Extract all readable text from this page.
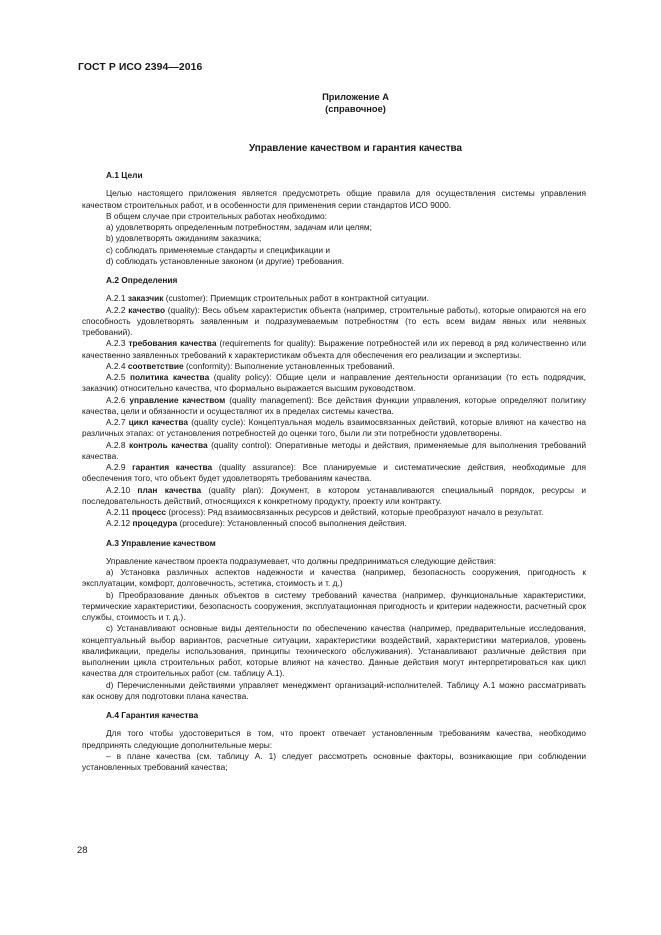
ГОСТ Р ИСО 2394—2016
Приложение А
(справочное)
Управление качеством и гарантия качества

А.1 Цели

Целью настоящего приложения является предусмотреть общие правила для осуществления системы управления качеством строительных работ, и в особенности для применения серии стандартов ИСО 9000.

В общем случае при строительных работах необходимо:

a) удовлетворять определенным потребностям, задачам или целям;

b) удовлетворять ожиданиям заказчика;

c) соблюдать применяемые стандарты и спецификации и

d) соблюдать установленные законом (и другие) требования.

А.2 Определения

А.2.1 заказчик (customer): Приемщик строительных работ в контрактной ситуации.

А.2.2 качество (quality): Весь объем характеристик объекта (например, строительные работы), которые опираются на его способность удовлетворять заявленным и подразумеваемым потребностям (то есть всем видам явных или неявных требований).

А.2.3 требования качества (requirements for quality): Выражение потребностей или их перевод в ряд количественно или качественно заявленных требований к характеристикам объекта для обеспечения его реализации и экспертизы.

А.2.4 соответствие (conformity): Выполнение установленных требований.

А.2.5 политика качества (quality policy): Общие цели и направление деятельности организации (то есть подрядчик, заказчик) относительно качества, что формально выражается высшим руководством.

А.2.6 управление качеством (quality management): Все действия функции управления, которые определяют политику качества, цели и обязанности и осуществляют их в пределах системы качества.

А.2.7 цикл качества (quality cycle): Концептуальная модель взаимосвязанных действий, которые влияют на качество на различных этапах: от установления потребностей до оценки того, были ли эти потребности удовлетворены.

А.2.8 контроль качества (quality control): Оперативные методы и действия, применяемые для выполнения требований качества.

А.2.9 гарантия качества (quality assurance): Все планируемые и систематические действия, необходимые для обеспечения того, что объект будет удовлетворять требованиям качества.

А.2.10 план качества (quality plan): Документ, в котором устанавливаются специальный порядок, ресурсы и последовательность действий, относящихся к конкретному продукту, проекту или контракту.

А.2.11 процесс (process): Ряд взаимосвязанных ресурсов и действий, которые преобразуют начало в результат.

А.2.12 процедура (procedure): Установленный способ выполнения действия.

А.3 Управление качеством

Управление качеством проекта подразумевает, что должны предприниматься следующие действия:

a) Установка различных аспектов надежности и качества (например, безопасность сооружения, пригодность к эксплуатации, комфорт, долговечность, эстетика, стоимость и т. д.)

b) Преобразование данных объектов в систему требований качества (например, функциональные характеристики, термические характеристики, безопасность сооружения, эксплуатационная пригодность и критерии надежности, расчетный срок службы, стоимость и т. д.).

c) Устанавливают основные виды деятельности по обеспечению качества (например, предварительные исследования, концептуальный выбор вариантов, расчетные ситуации, характеристики воздействий, характеристики материалов, уровень квалификации, пределы использования, принципы технического обслуживания). Устанавливают различные действия при выполнении цикла строительных работ, которые влияют на качество. Данные действия могут интерпретироваться как цикл качества для строительных работ (см. таблицу А.1).

d) Перечисленными действиями управляет менеджмент организаций-исполнителей. Таблицу А.1 можно рассматривать как основу для подготовки плана качества.

А.4 Гарантия качества

Для того чтобы удостовериться в том, что проект отвечает установленным требованиям качества, необходимо предпринять следующие дополнительные меры:

– в плане качества (см. таблицу А. 1) следует рассмотреть основные факторы, возникающие при соблюдении установленных требований качества;

28
